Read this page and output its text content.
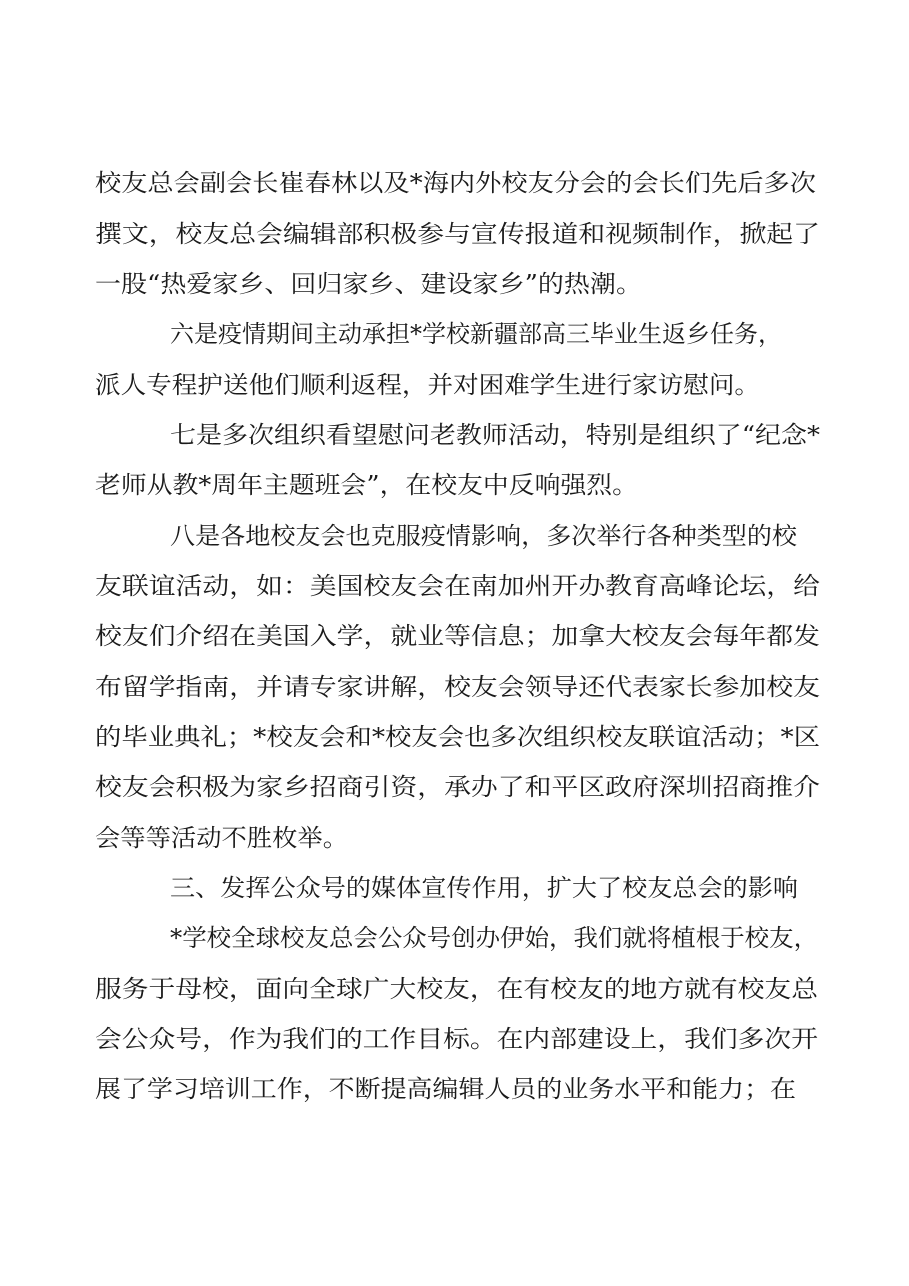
校友总会副会长崔春林以及*海内外校友分会的会长们先后多次
撰文，校友总会编辑部积极参与宣传报道和视频制作，掀起了
一股“热爱家乡、回归家乡、建设家乡”的热潮。
六是疫情期间主动承担*学校新疆部高三毕业生返乡任务，
派人专程护送他们顺利返程，并对困难学生进行家访慰问。
七是多次组织看望慰问老教师活动，特别是组织了“纪念*
老师从教*周年主题班会”，在校友中反响强烈。
八是各地校友会也克服疫情影响，多次举行各种类型的校
友联谊活动，如：美国校友会在南加州开办教育高峰论坛，给
校友们介绍在美国入学，就业等信息；加拿大校友会每年都发
布留学指南，并请专家讲解，校友会领导还代表家长参加校友
的毕业典礼；*校友会和*校友会也多次组织校友联谊活动；*区
校友会积极为家乡招商引资，承办了和平区政府深圳招商推介
会等等活动不胜枚举。
三、发挥公众号的媒体宣传作用，扩大了校友总会的影响
*学校全球校友总会公众号创办伊始，我们就将植根于校友，
服务于母校，面向全球广大校友，在有校友的地方就有校友总
会公众号，作为我们的工作目标。在内部建设上，我们多次开
展了学习培训工作，不断提高编辑人员的业务水平和能力；在
